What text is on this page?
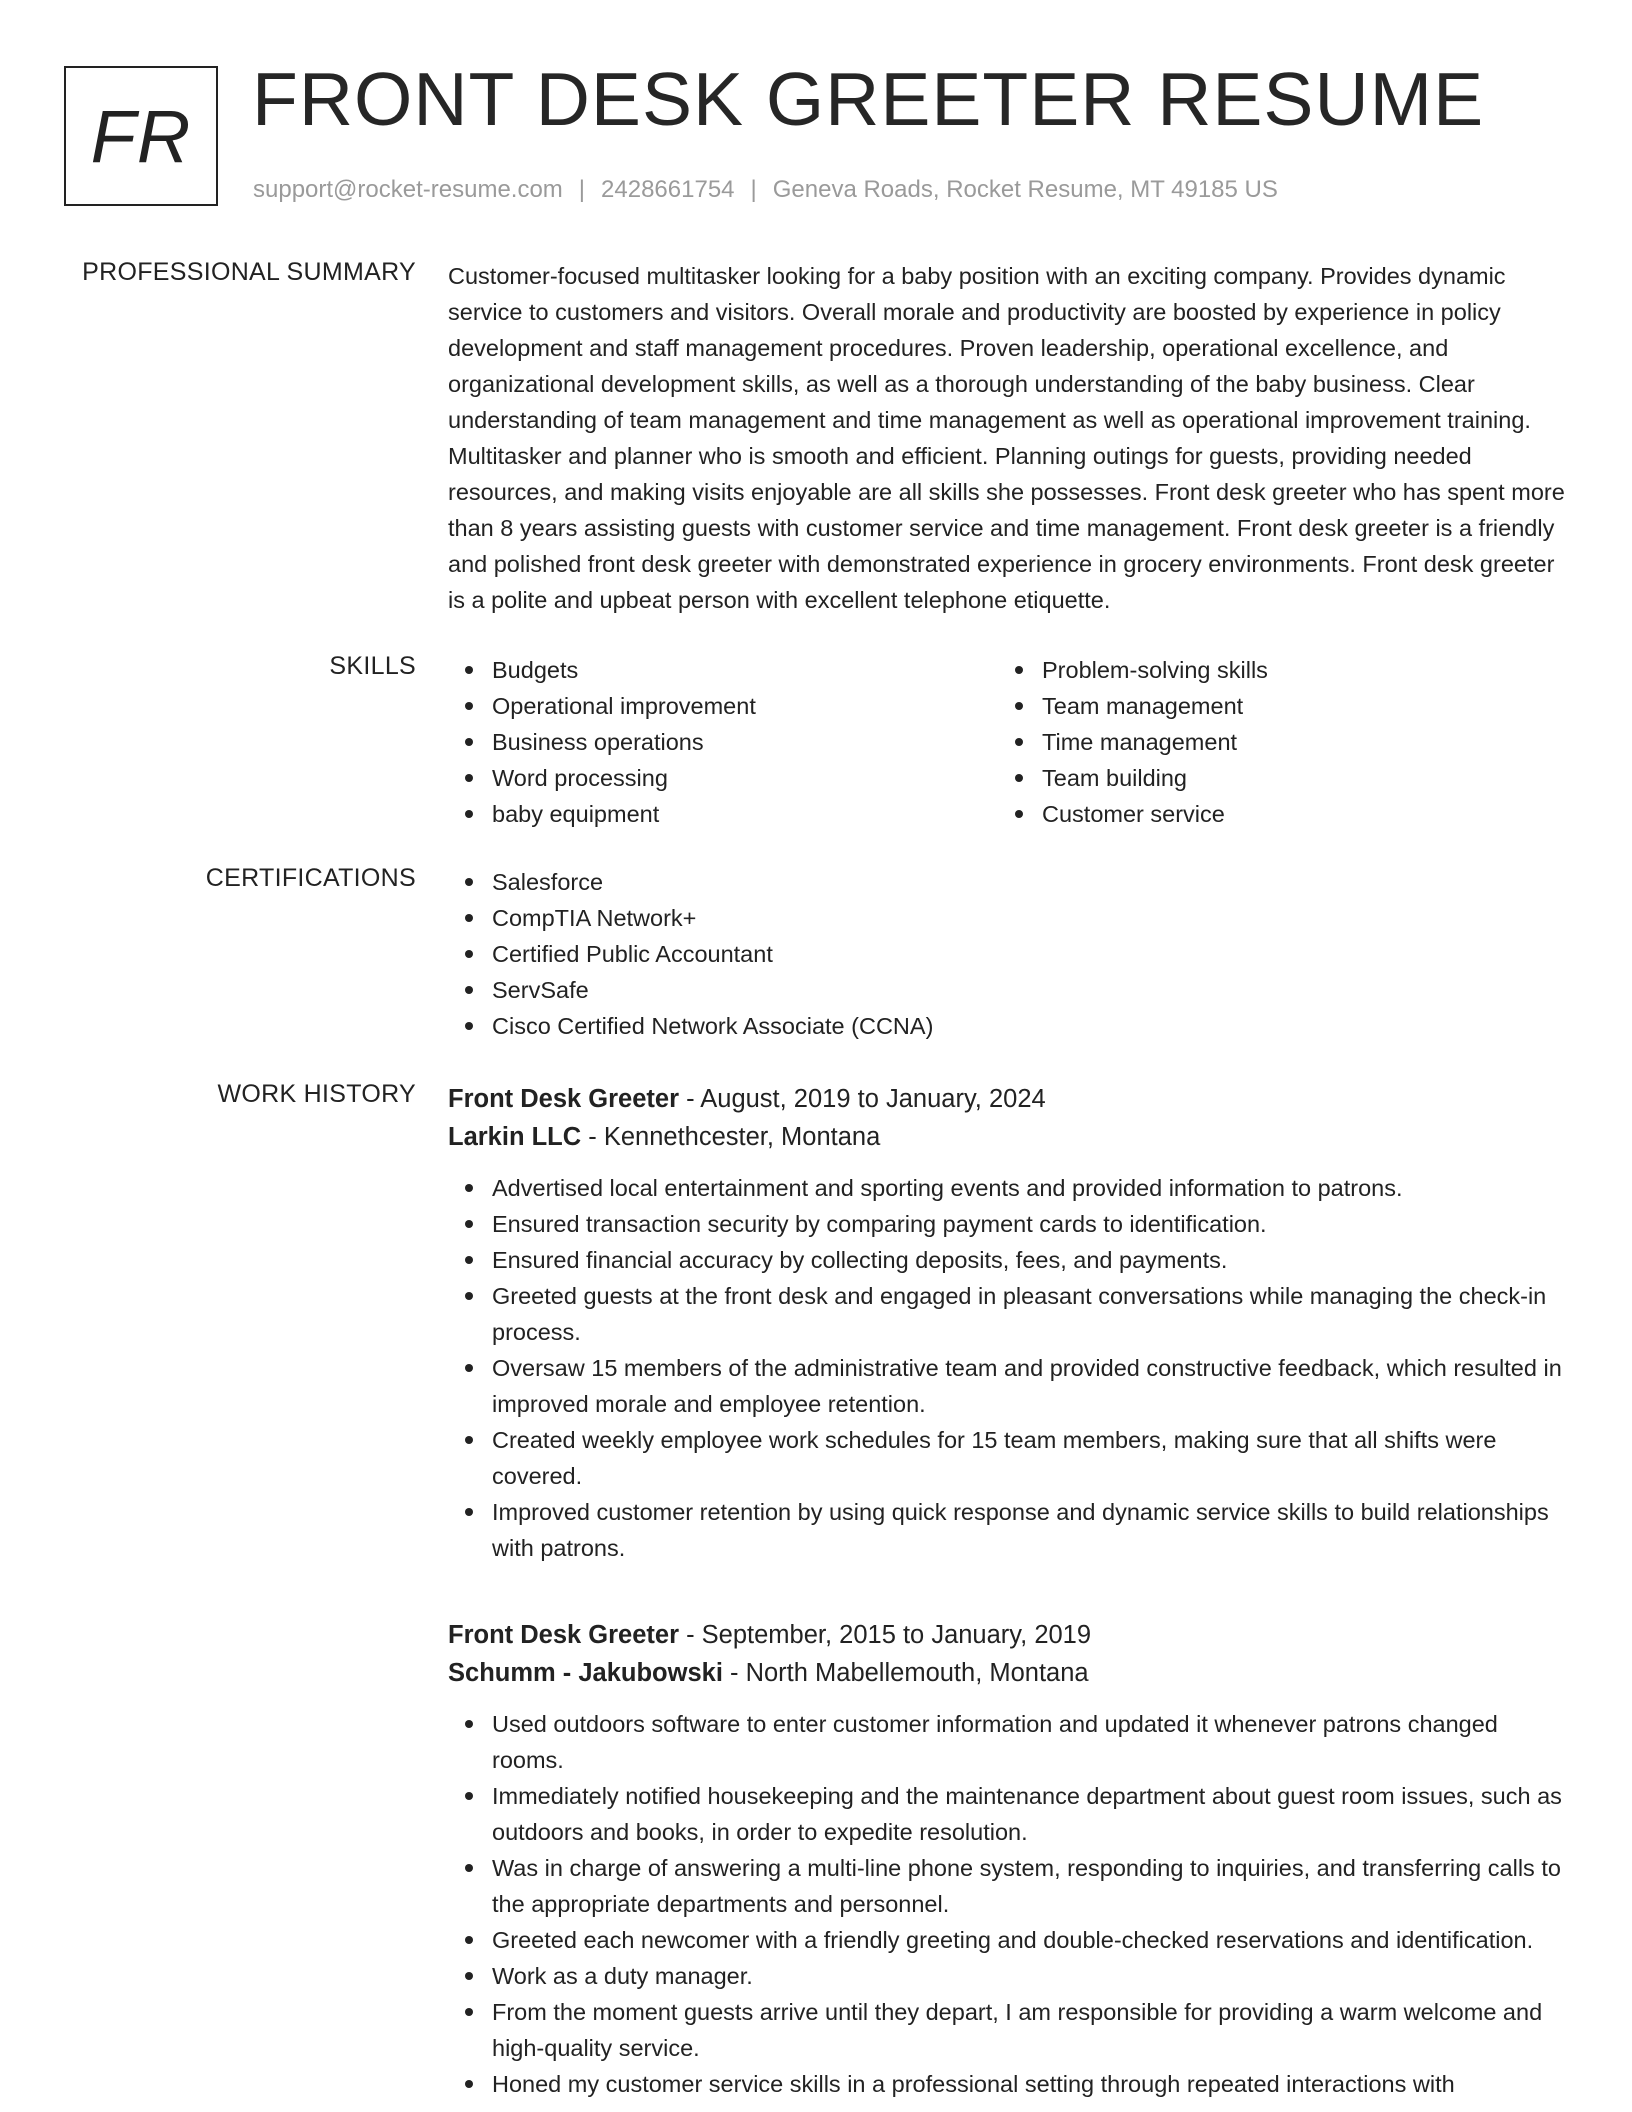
FR FRONT DESK GREETER RESUME
support@rocket-resume.com | 2428661754 | Geneva Roads, Rocket Resume, MT 49185 US
PROFESSIONAL SUMMARY Customer-focused multitasker looking for a baby position with an exciting company. Provides dynamic service to customers and visitors. Overall morale and productivity are boosted by experience in policy development and staff management procedures. Proven leadership, operational excellence, and organizational development skills, as well as a thorough understanding of the baby business. Clear understanding of team management and time management as well as operational improvement training. Multitasker and planner who is smooth and efficient. Planning outings for guests, providing needed resources, and making visits enjoyable are all skills she possesses. Front desk greeter who has spent more than 8 years assisting guests with customer service and time management. Front desk greeter is a friendly and polished front desk greeter with demonstrated experience in grocery environments. Front desk greeter is a polite and upbeat person with excellent telephone etiquette.

SKILLS	Budgets
Operational improvement
Business operations
Word processing
baby equipment
Problem-solving skills
Team management
Time management
Team building
Customer service
CERTIFICATIONS	Salesforce
CompTIA Network+
Certified Public Accountant
ServSafe
Cisco Certified Network Associate (CCNA)
WORK HISTORY Front Desk Greeter - August, 2019 to January, 2024
Larkin LLC - Kennethcester, Montana
Advertised local entertainment and sporting events and provided information to patrons.
Ensured transaction security by comparing payment cards to identification.
Ensured financial accuracy by collecting deposits, fees, and payments.
Greeted guests at the front desk and engaged in pleasant conversations while managing the check-in process.
Oversaw 15 members of the administrative team and provided constructive feedback, which resulted in improved morale and employee retention.
Created weekly employee work schedules for 15 team members, making sure that all shifts were covered.
Improved customer retention by using quick response and dynamic service skills to build relationships with patrons.
Front Desk Greeter - September, 2015 to January, 2019
Schumm - Jakubowski - North Mabellemouth, Montana
Used outdoors software to enter customer information and updated it whenever patrons changed rooms.
Immediately notified housekeeping and the maintenance department about guest room issues, such as outdoors and books, in order to expedite resolution.
Was in charge of answering a multi-line phone system, responding to inquiries, and transferring calls to the appropriate departments and personnel.
Greeted each newcomer with a friendly greeting and double-checked reservations and identification.
Work as a duty manager.
From the moment guests arrive until they depart, I am responsible for providing a warm welcome and high-quality service.
Honed my customer service skills in a professional setting through repeated interactions with
